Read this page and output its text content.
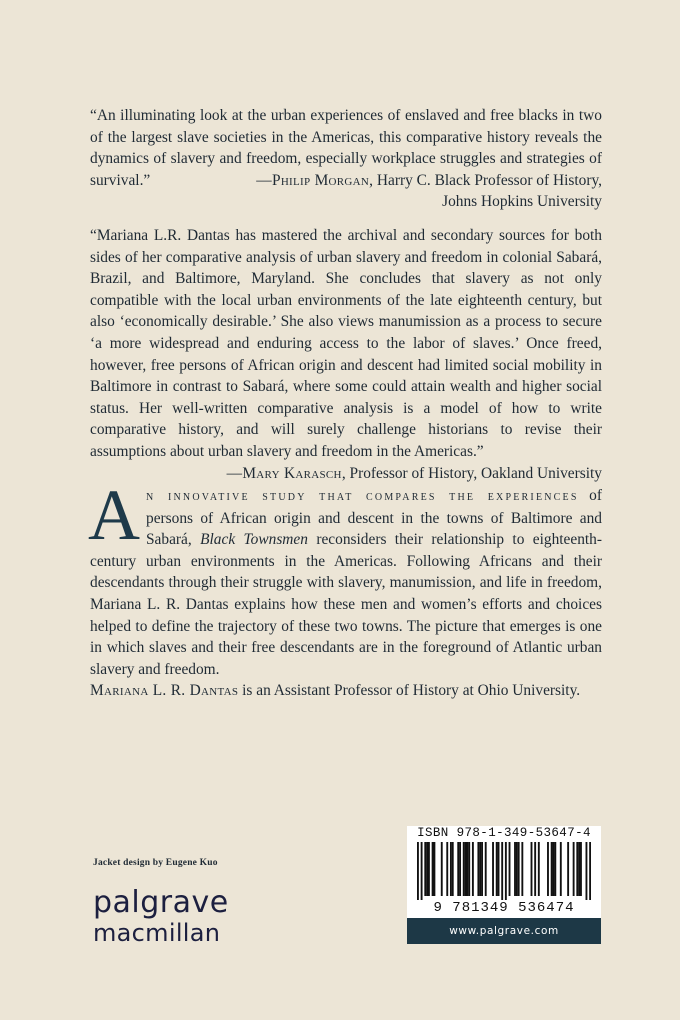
“An illuminating look at the urban experiences of enslaved and free blacks in two of the largest slave societies in the Americas, this comparative history reveals the dynamics of slavery and freedom, especially workplace struggles and strategies of survival.”	—Philip Morgan, Harry C. Black Professor of History,
Johns Hopkins University
“Mariana L.R. Dantas has mastered the archival and secondary sources for both sides of her comparative analysis of urban slavery and freedom in colonial Sabará, Brazil, and Baltimore, Maryland. She concludes that slavery as not only compatible with the local urban environments of the late eighteenth century, but also ‘economically desirable.’ She also views manumission as a process to secure ‘a more widespread and enduring access to the labor of slaves.’ Once freed, however, free persons of African origin and descent had limited social mobility in Baltimore in contrast to Sabará, where some could attain wealth and higher social status. Her well-written comparative analysis is a model of how to write comparative history, and will surely challenge historians to revise their assumptions about urban slavery and freedom in the Americas.”
—Mary Karasch, Professor of History, Oakland University
An innovative study that compares the experiences of persons of African origin and descent in the towns of Baltimore and Sabará, Black Townsmen reconsiders their relationship to eighteenth-century urban environments in the Americas. Following Africans and their descendants through their struggle with slavery, manumission, and life in freedom, Mariana L. R. Dantas explains how these men and women’s efforts and choices helped to define the trajectory of these two towns. The picture that emerges is one in which slaves and their free descendants are in the foreground of Atlantic urban slavery and freedom.
Mariana L. R. Dantas is an Assistant Professor of History at Ohio University.
Jacket design by Eugene Kuo
palgrave
macmillan
ISBN 978-1-349-53647-4
9 781349 536474
www.palgrave.com
